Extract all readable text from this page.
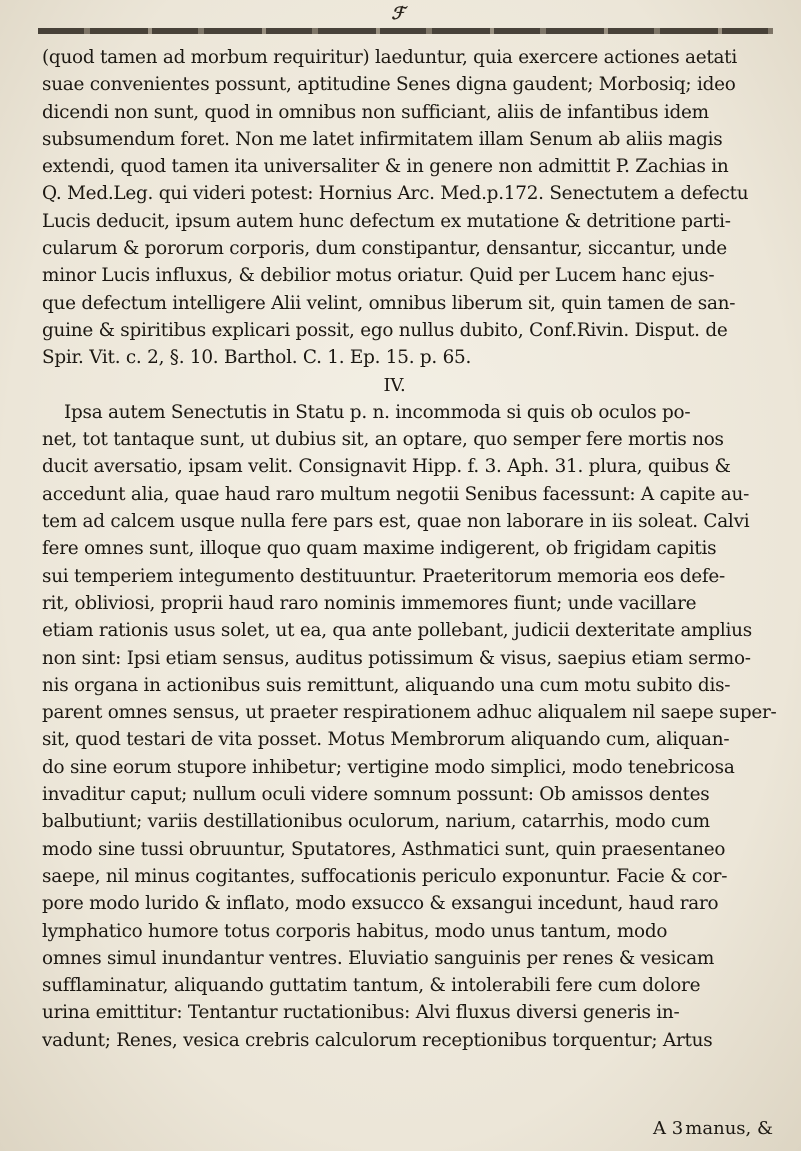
ℱ
(quod tamen ad morbum requiritur) laeduntur, quia exercere actiones aetati
suae convenientes possunt, aptitudine Senes digna gaudent; Morbosiq; ideo
dicendi non sunt, quod in omnibus non sufficiant, aliis de infantibus idem
subsumendum foret. Non me latet infirmitatem illam Senum ab aliis magis
extendi, quod tamen ita universaliter & in genere non admittit P. Zachias in
Q. Med.Leg. qui videri potest: Hornius Arc. Med.p.172. Senectutem a defectu
Lucis deducit, ipsum autem hunc defectum ex mutatione & detritione parti-
cularum & pororum corporis, dum constipantur, densantur, siccantur, unde
minor Lucis influxus, & debilior motus oriatur. Quid per Lucem hanc ejus-
que defectum intelligere Alii velint, omnibus liberum sit, quin tamen de san-
guine & spiritibus explicari possit, ego nullus dubito, Conf.Rivin. Disput. de
Spir. Vit. c. 2, §. 10. Barthol. C. 1. Ep. 15. p. 65.
IV.
Ipsa autem Senectutis in Statu p. n. incommoda si quis ob oculos po-
net, tot tantaque sunt, ut dubius sit, an optare, quo semper fere mortis nos
ducit aversatio, ipsam velit. Consignavit Hipp. f. 3. Aph. 31. plura, quibus &
accedunt alia, quae haud raro multum negotii Senibus facessunt: A capite au-
tem ad calcem usque nulla fere pars est, quae non laborare in iis soleat. Calvi
fere omnes sunt, illoque quo quam maxime indigerent, ob frigidam capitis
sui temperiem integumento destituuntur. Praeteritorum memoria eos defe-
rit, obliviosi, proprii haud raro nominis immemores fiunt; unde vacillare
etiam rationis usus solet, ut ea, qua ante pollebant, judicii dexteritate amplius
non sint: Ipsi etiam sensus, auditus potissimum & visus, saepius etiam sermo-
nis organa in actionibus suis remittunt, aliquando una cum motu subito dis-
parent omnes sensus, ut praeter respirationem adhuc aliqualem nil saepe super-
sit, quod testari de vita posset. Motus Membrorum aliquando cum, aliquan-
do sine eorum stupore inhibetur; vertigine modo simplici, modo tenebricosa
invaditur caput; nullum oculi videre somnum possunt: Ob amissos dentes
balbutiunt; variis destillationibus oculorum, narium, catarrhis, modo cum
modo sine tussi obruuntur, Sputatores, Asthmatici sunt, quin praesentaneo
saepe, nil minus cogitantes, suffocationis periculo exponuntur. Facie & cor-
pore modo lurido & inflato, modo exsucco & exsangui incedunt, haud raro
lymphatico humore totus corporis habitus, modo unus tantum, modo
omnes simul inundantur ventres. Eluviatio sanguinis per renes & vesicam
sufflaminatur, aliquando guttatim tantum, & intolerabili fere cum dolore
urina emittitur: Tentantur ructationibus: Alvi fluxus diversi generis in-
vadunt; Renes, vesica crebris calculorum receptionibus torquentur; Artus
A 3 manus, &
